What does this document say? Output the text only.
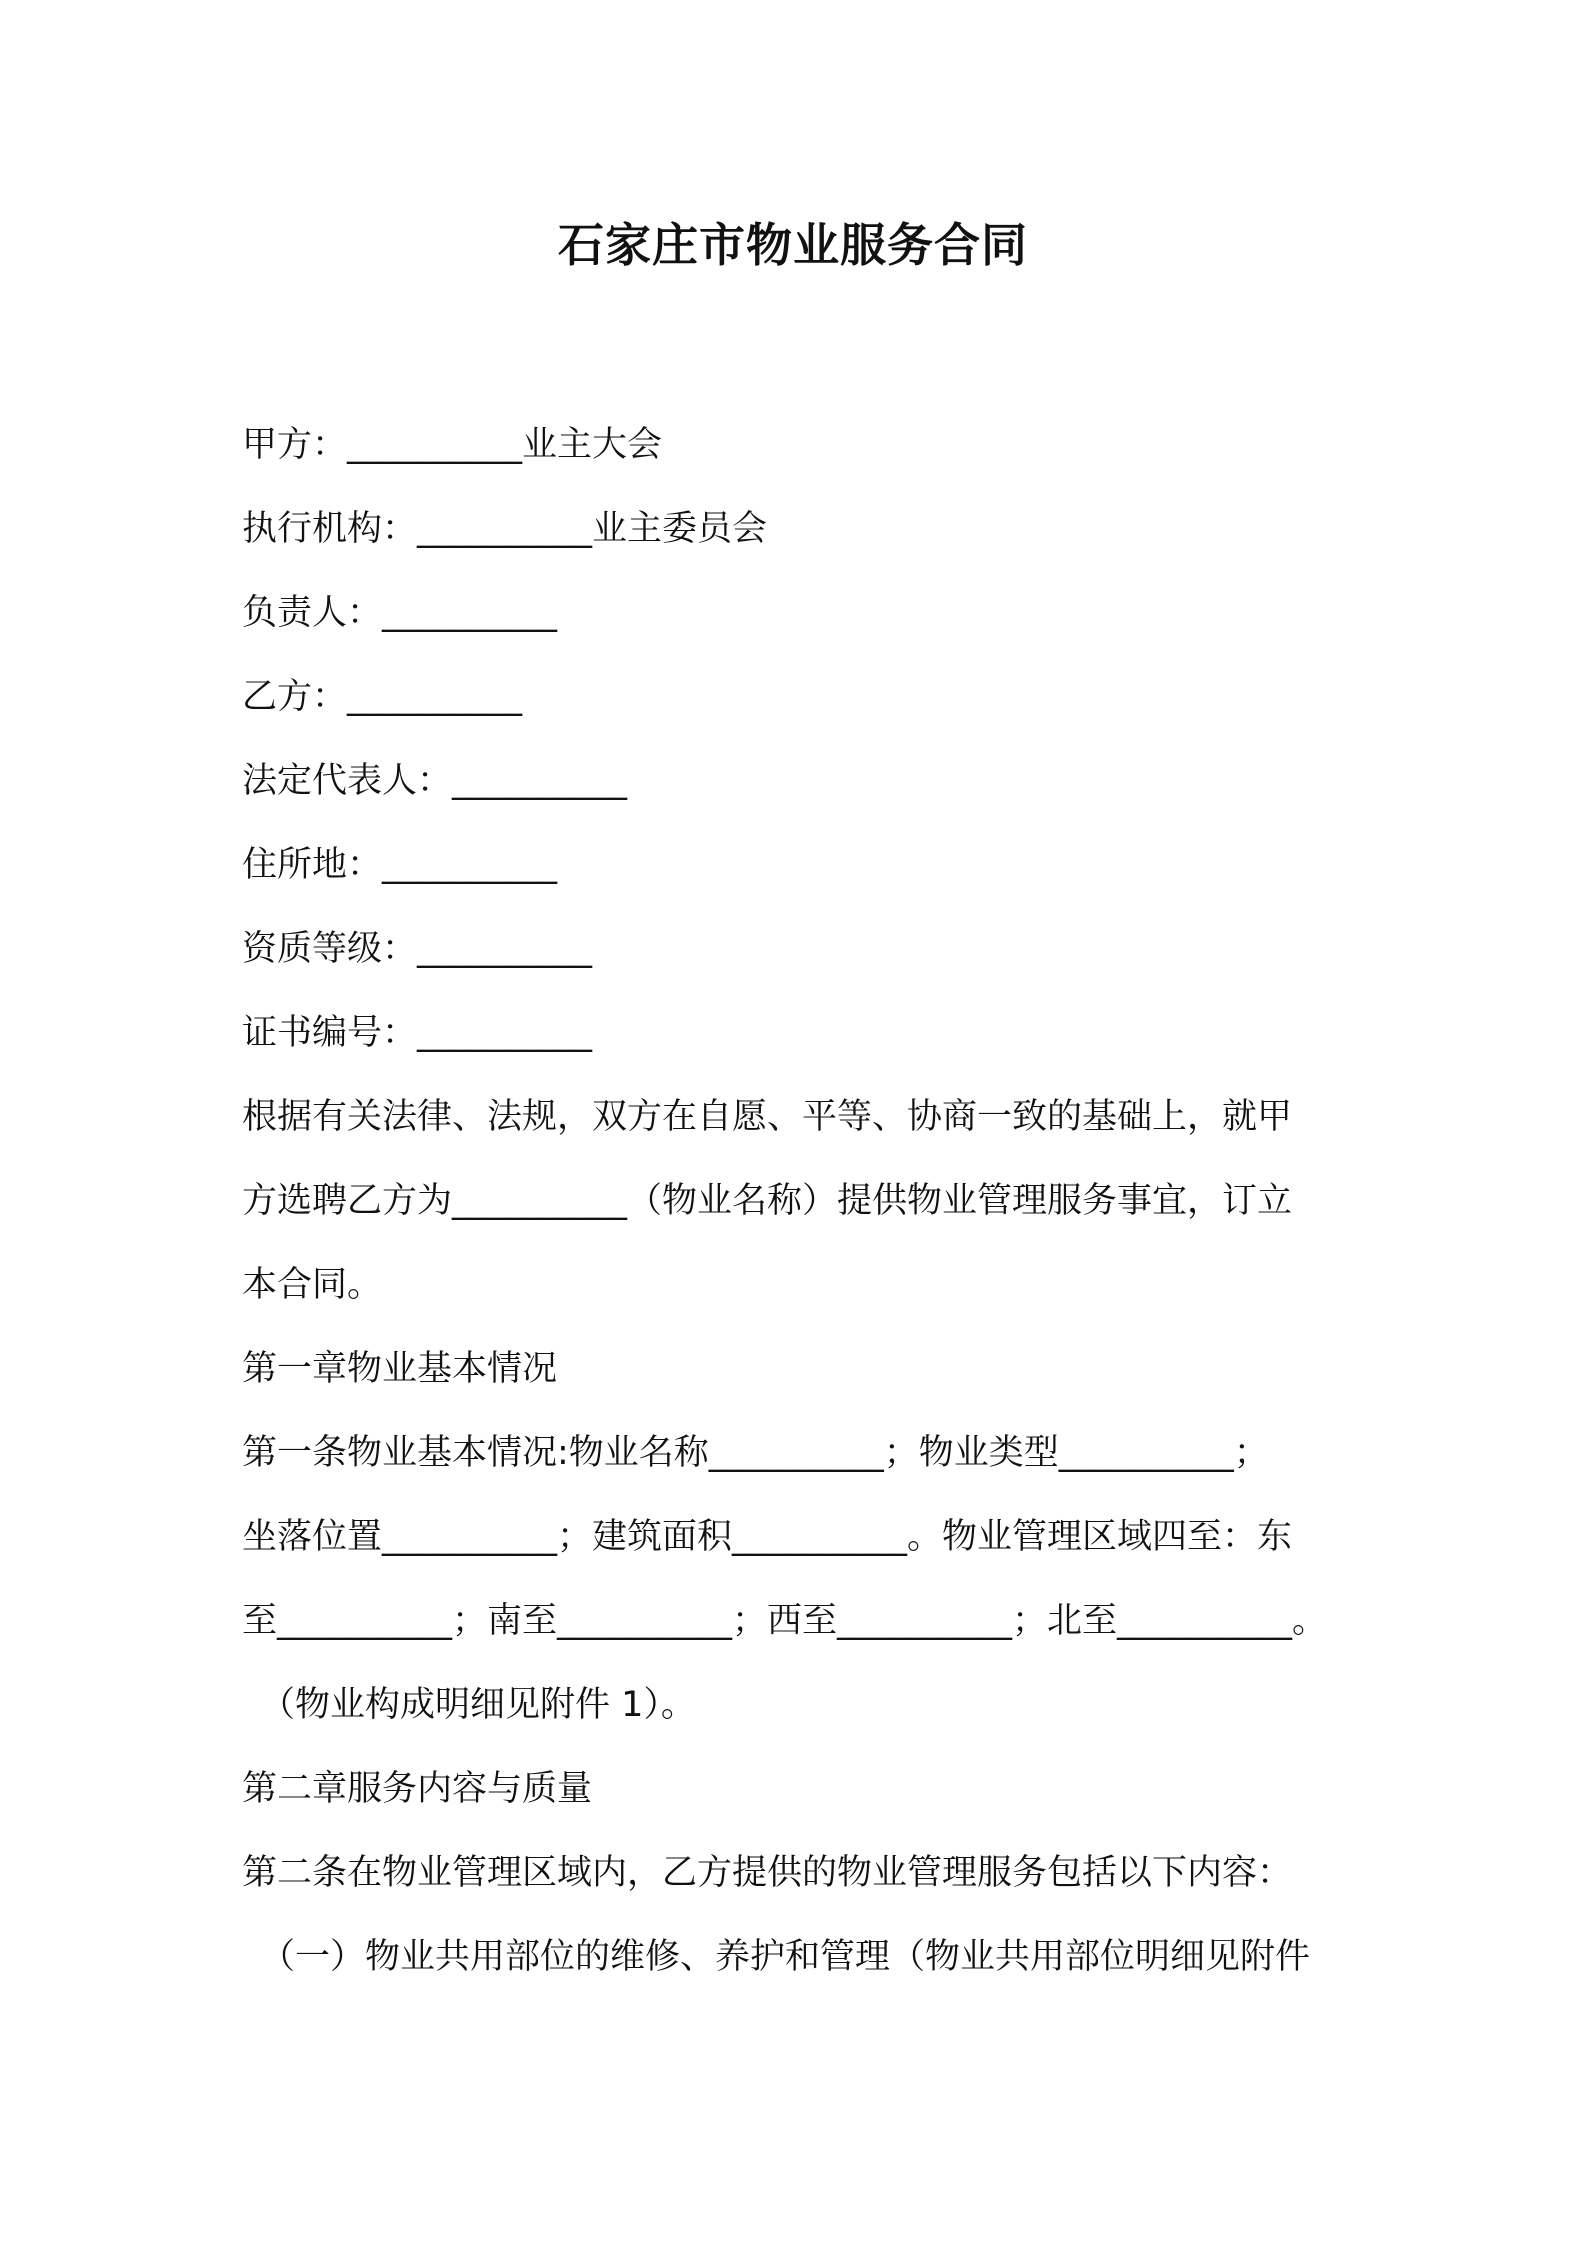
石家庄市物业服务合同

甲方：__________业主大会

执行机构：__________业主委员会

负责人：__________

乙方：__________

法定代表人：__________

住所地：__________

资质等级：__________

证书编号：__________

根据有关法律、法规，双方在自愿、平等、协商一致的基础上，就甲

方选聘乙方为__________（物业名称）提供物业管理服务事宜，订立

本合同。

第一章物业基本情况

第一条物业基本情况:物业名称__________；物业类型__________；

坐落位置__________；建筑面积__________。物业管理区域四至：东

至__________；南至__________；西至__________；北至__________。

（物业构成明细见附件 1）。

第二章服务内容与质量

第二条在物业管理区域内，乙方提供的物业管理服务包括以下内容：

（一）物业共用部位的维修、养护和管理（物业共用部位明细见附件
